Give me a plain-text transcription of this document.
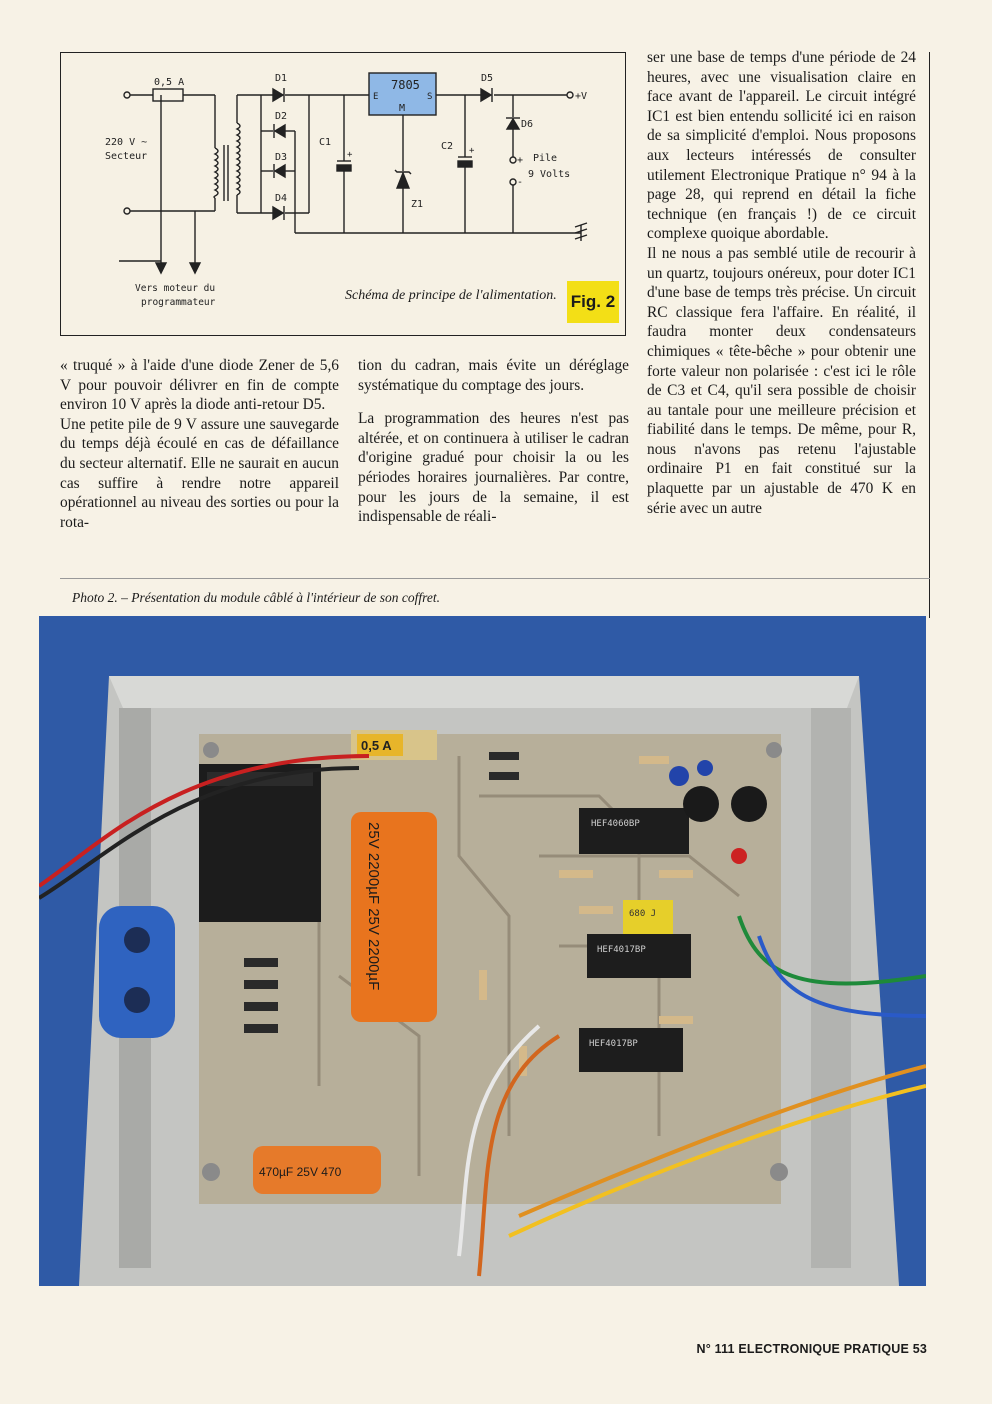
7805
E	S
M
0,5 A
220 V ~
Secteur
D1
D2
D3
D4
D5
D6
C1
+
C2 +
Z1
+V
+
-
Pile
9 Volts
Vers moteur du
programmateur	Schéma de principe de l'alimentation. Fig. 2

« truqué » à l'aide d'une diode Zener de 5,6 V pour pouvoir délivrer en fin de compte environ 10 V après la diode anti-retour D5.

Une petite pile de 9 V assure une sauvegarde du temps déjà écoulé en cas de défaillance du secteur alternatif. Elle ne saurait en aucun cas suffire à rendre notre appareil opérationnel au niveau des sorties ou pour la rota-

tion du cadran, mais évite un déréglage systématique du comptage des jours.

La programmation des heures n'est pas altérée, et on continuera à utiliser le cadran d'origine gradué pour choisir la ou les périodes horaires journalières. Par contre, pour les jours de la semaine, il est indispensable de réali-

ser une base de temps d'une période de 24 heures, avec une visualisation claire en face avant de l'appareil. Le circuit intégré IC1 est bien entendu sollicité ici en raison de sa simplicité d'emploi. Nous proposons aux lecteurs intéressés de consulter utilement Electronique Pratique n° 94 à la page 28, qui reprend en détail la fiche technique (en français !) de ce circuit complexe quoique abordable.

Il ne nous a pas semblé utile de recourir à un quartz, toujours onéreux, pour doter IC1 d'une base de temps très précise. Un circuit RC classique fera l'affaire. En réalité, il faudra monter deux condensateurs chimiques « tête-bêche » pour obtenir une forte valeur non polarisée : c'est ici le rôle de C3 et C4, qu'il sera possible de choisir au tantale pour une meilleure précision et fiabilité dans le temps. De même, pour R, nous n'avons pas retenu l'ajustable ordinaire P1 en fait constitué sur la plaquette par un ajustable de 470 K en série avec un autre

Photo 2. – Présentation du module câblé à l'intérieur de son coffret.
0,5 A
25V 2200µF 25V 2200µF
470µF 25V 470
HEF4060BP
HEF4017BP
HEF4017BP
680 J
N° 111 ELECTRONIQUE PRATIQUE 53
